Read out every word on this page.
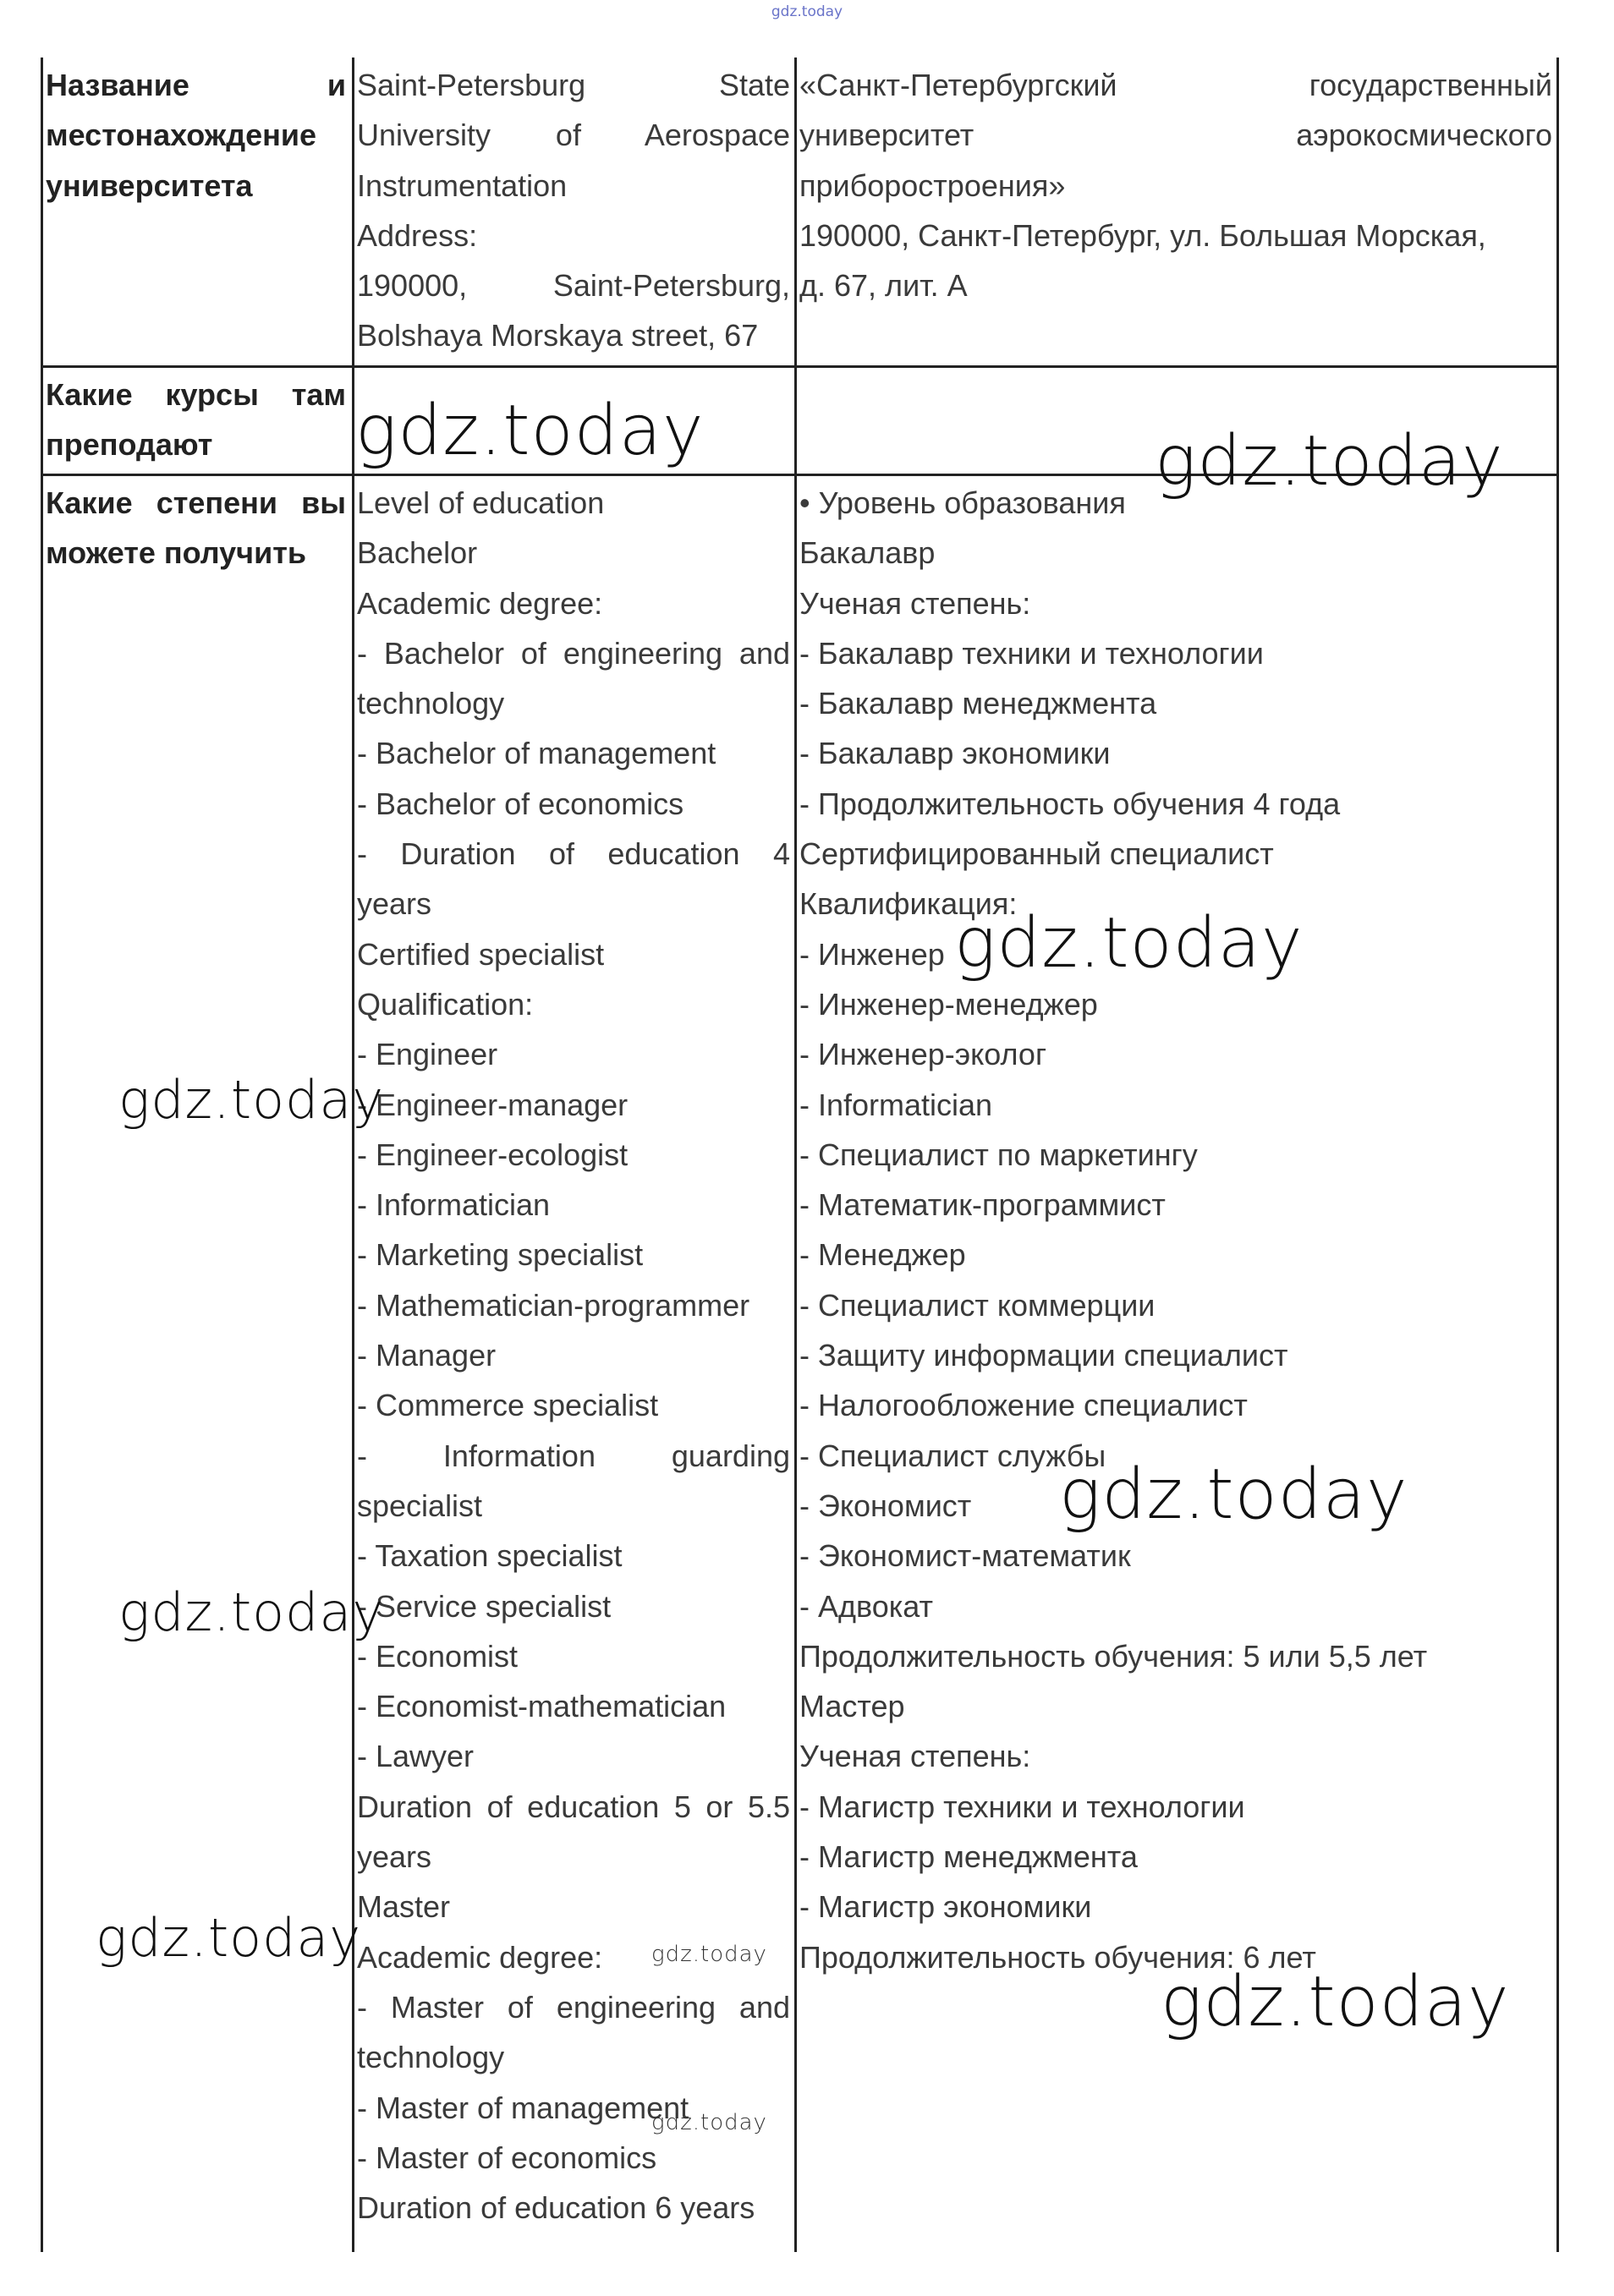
gdz.today
Название и
местонахождение
университета
Saint-Petersburg State
University of Aerospace
Instrumentation
Address:
190000, Saint-Petersburg,
Bolshaya Morskaya street, 67
«Санкт-Петербургский государственный
университет аэрокосмического
приборостроения»
190000, Санкт-Петербург, ул. Большая Морская,
д. 67, лит. А
Какие курсы там
преподают
Какие степени вы
можете получить
Level of education
Bachelor
Academic degree:
- Bachelor of engineering and
technology
- Bachelor of management
- Bachelor of economics
- Duration of education 4
years
Certified specialist
Qualification:
- Engineer
- Engineer-manager
- Engineer-ecologist
- Informatician
- Marketing specialist
- Mathematician-programmer
- Manager
- Commerce specialist
- Information guarding
specialist
- Taxation specialist
- Service specialist
- Economist
- Economist-mathematician
- Lawyer
Duration of education 5 or 5.5
years
Master
Academic degree:
- Master of engineering and
technology
- Master of management
- Master of economics
Duration of education 6 years
• Уровень образования
Бакалавр
Ученая степень:
- Бакалавр техники и технологии
- Бакалавр менеджмента
- Бакалавр экономики
- Продолжительность обучения 4 года
Сертифицированный специалист
Квалификация:
- Инженер
- Инженер-менеджер
- Инженер-эколог
- Informatician
- Специалист по маркетингу
- Математик-программист
- Менеджер
- Специалист коммерции
- Защиту информации специалист
- Налогообложение специалист
- Специалист службы
- Экономист
- Экономист-математик
- Адвокат
Продолжительность обучения: 5 или 5,5 лет
Мастер
Ученая степень:
- Магистр техники и технологии
- Магистр менеджмента
- Магистр экономики
Продолжительность обучения: 6 лет
gdz.today	gdz.today
gdz.today
gdz.today
gdz.today
gdz.today
gdz.today	gdz.today
gdz.today
gdz.today
